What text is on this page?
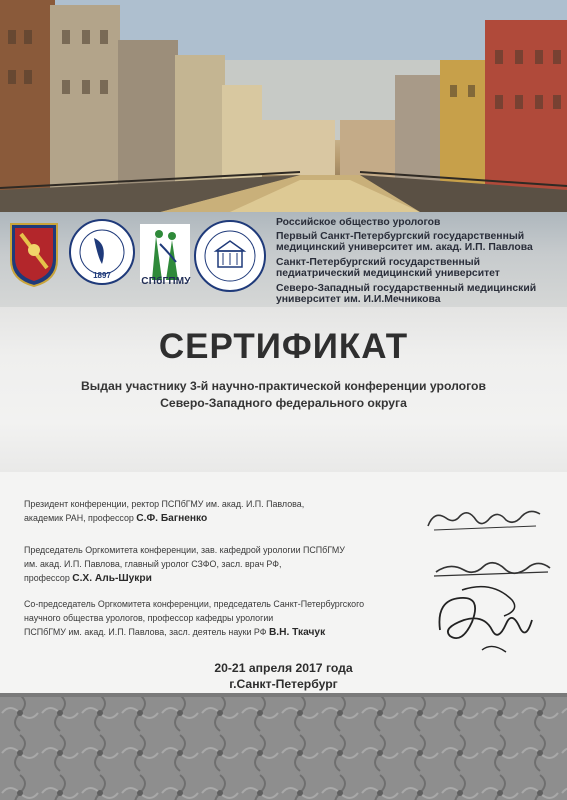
1897
СПбГПМУ
Российское общество урологов
Первый Санкт-Петербургский государственный медицинский университет им. акад. И.П. Павлова
Санкт-Петербургский государственный педиатрический медицинский университет
Северо-Западный государственный медицинский университет им. И.И.Мечникова
СЕРТИФИКАТ
Выдан участнику 3-й научно-практической конференции урологов
Северо-Западного федерального округа
Президент конференции, ректор ПСПбГМУ им. акад. И.П. Павлова,
академик РАН, профессор С.Ф. Багненко
Председатель Оргкомитета конференции, зав. кафедрой урологии ПСПбГМУ
им. акад. И.П. Павлова, главный уролог СЗФО, засл. врач РФ,
профессор С.Х. Аль-Шукри
Со-председатель Оргкомитета конференции, председатель Санкт-Петербургского
научного общества урологов, профессор кафедры урологии
ПСПбГМУ им. акад. И.П. Павлова, засл. деятель науки РФ В.Н. Ткачук
20-21 апреля 2017 года
г.Санкт-Петербург
